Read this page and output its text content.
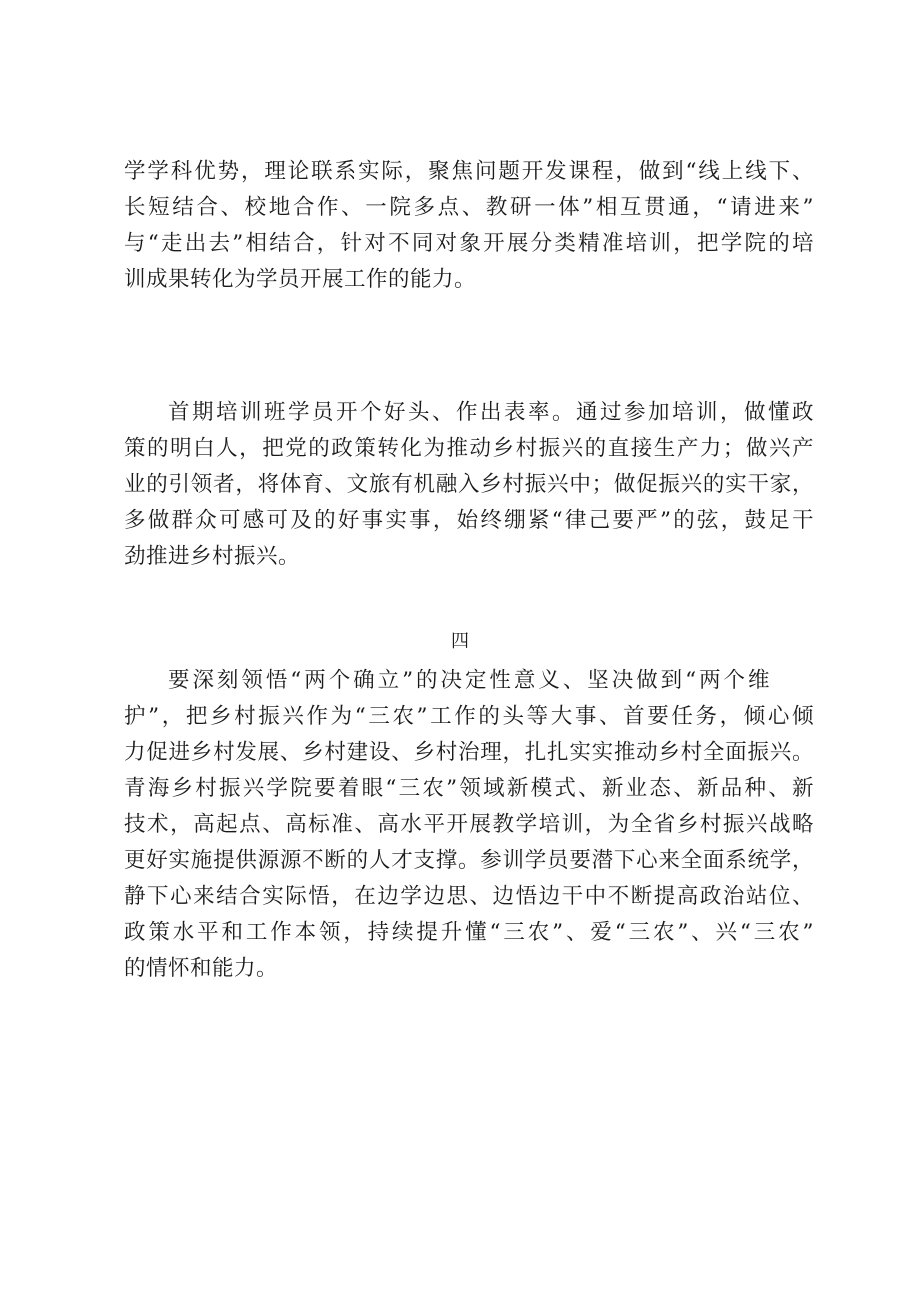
学学科优势，理论联系实际，聚焦问题开发课程，做到“线上线下、
长短结合、校地合作、一院多点、教研一体”相互贯通，“请进来”
与“走出去”相结合，针对不同对象开展分类精准培训，把学院的培
训成果转化为学员开展工作的能力。
首期培训班学员开个好头、作出表率。通过参加培训，做懂政
策的明白人，把党的政策转化为推动乡村振兴的直接生产力；做兴产
业的引领者，将体育、文旅有机融入乡村振兴中；做促振兴的实干家，
多做群众可感可及的好事实事，始终绷紧“律己要严”的弦，鼓足干
劲推进乡村振兴。
四
要深刻领悟“两个确立”的决定性意义、坚决做到“两个维
护”，把乡村振兴作为“三农”工作的头等大事、首要任务，倾心倾
力促进乡村发展、乡村建设、乡村治理，扎扎实实推动乡村全面振兴。
青海乡村振兴学院要着眼“三农”领域新模式、新业态、新品种、新
技术，高起点、高标准、高水平开展教学培训，为全省乡村振兴战略
更好实施提供源源不断的人才支撑。参训学员要潜下心来全面系统学，
静下心来结合实际悟，在边学边思、边悟边干中不断提高政治站位、
政策水平和工作本领，持续提升懂“三农”、爱“三农”、兴“三农”
的情怀和能力。
